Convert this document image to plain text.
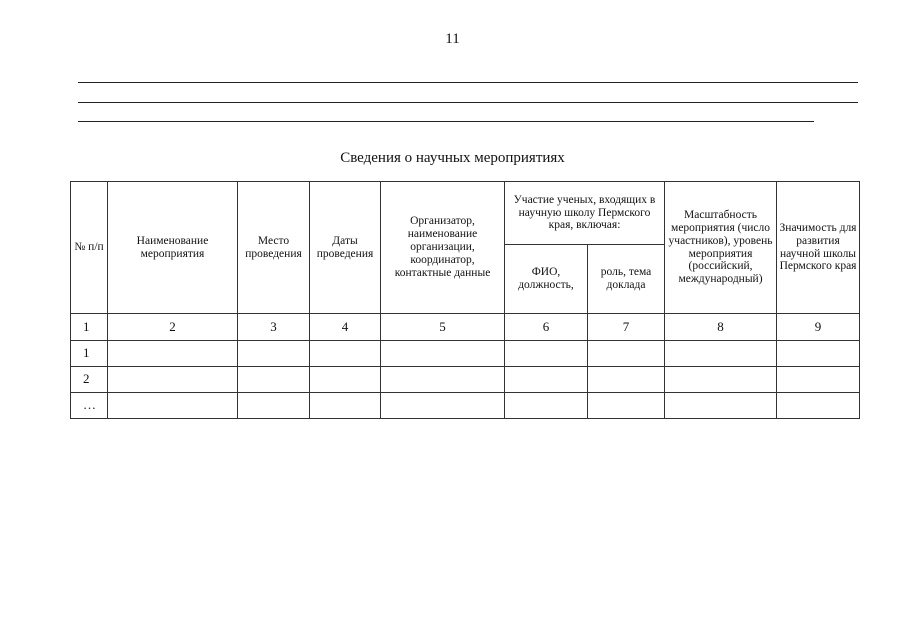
11
Сведения о научных мероприятиях
№ п/п	Наименование мероприятия	Место проведения	Даты проведения	Организатор, наименование организации, координатор, контактные данные	Участие ученых, входящих в научную школу Пермского края, включая:		Масштабность мероприятия (число участников), уровень мероприятия (российский, международный)	Значимость для развития научной школы Пермского края
					ФИО, должность,	роль, тема доклада		
1	2	3	4	5	6	7	8	9
1								
2								
…								
